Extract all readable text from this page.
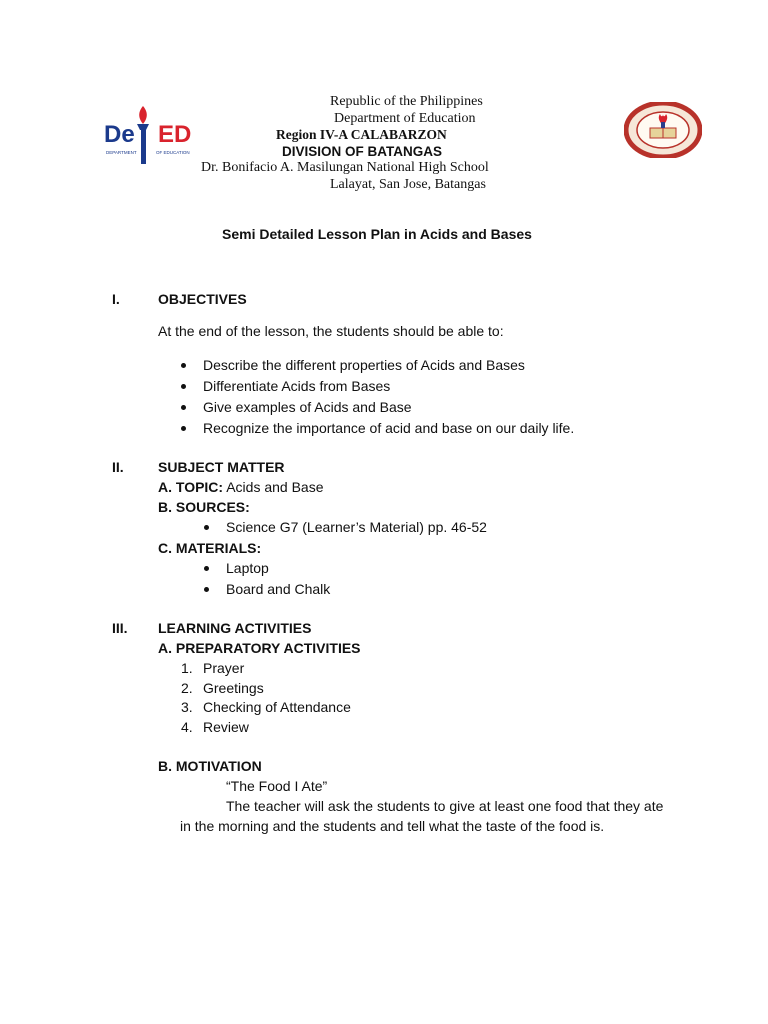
De ED
DEPARTMENT	OF EDUCATION
Republic of the Philippines
Department of Education
Region IV-A CALABARZON
DIVISION OF BATANGAS
Dr. Bonifacio A. Masilungan National High School
Lalayat, San Jose, Batangas
Semi Detailed Lesson Plan in Acids and Bases
I.	OBJECTIVES
At the end of the lesson, the students should be able to:
Describe the different properties of Acids and Bases
Differentiate Acids from Bases
Give examples of Acids and Base
Recognize the importance of acid and base on our daily life.
II. SUBJECT MATTER
A. TOPIC: Acids and Base
B. SOURCES:
Science G7 (Learner’s Material) pp. 46-52
C. MATERIALS:
Laptop
Board and Chalk
III. LEARNING ACTIVITIES
A. PREPARATORY ACTIVITIES
1. Prayer
2. Greetings
3. Checking of Attendance
4. Review
B. MOTIVATION
“The Food I Ate”
The teacher will ask the students to give at least one food that they ate
in the morning and the students and tell what the taste of the food is.
